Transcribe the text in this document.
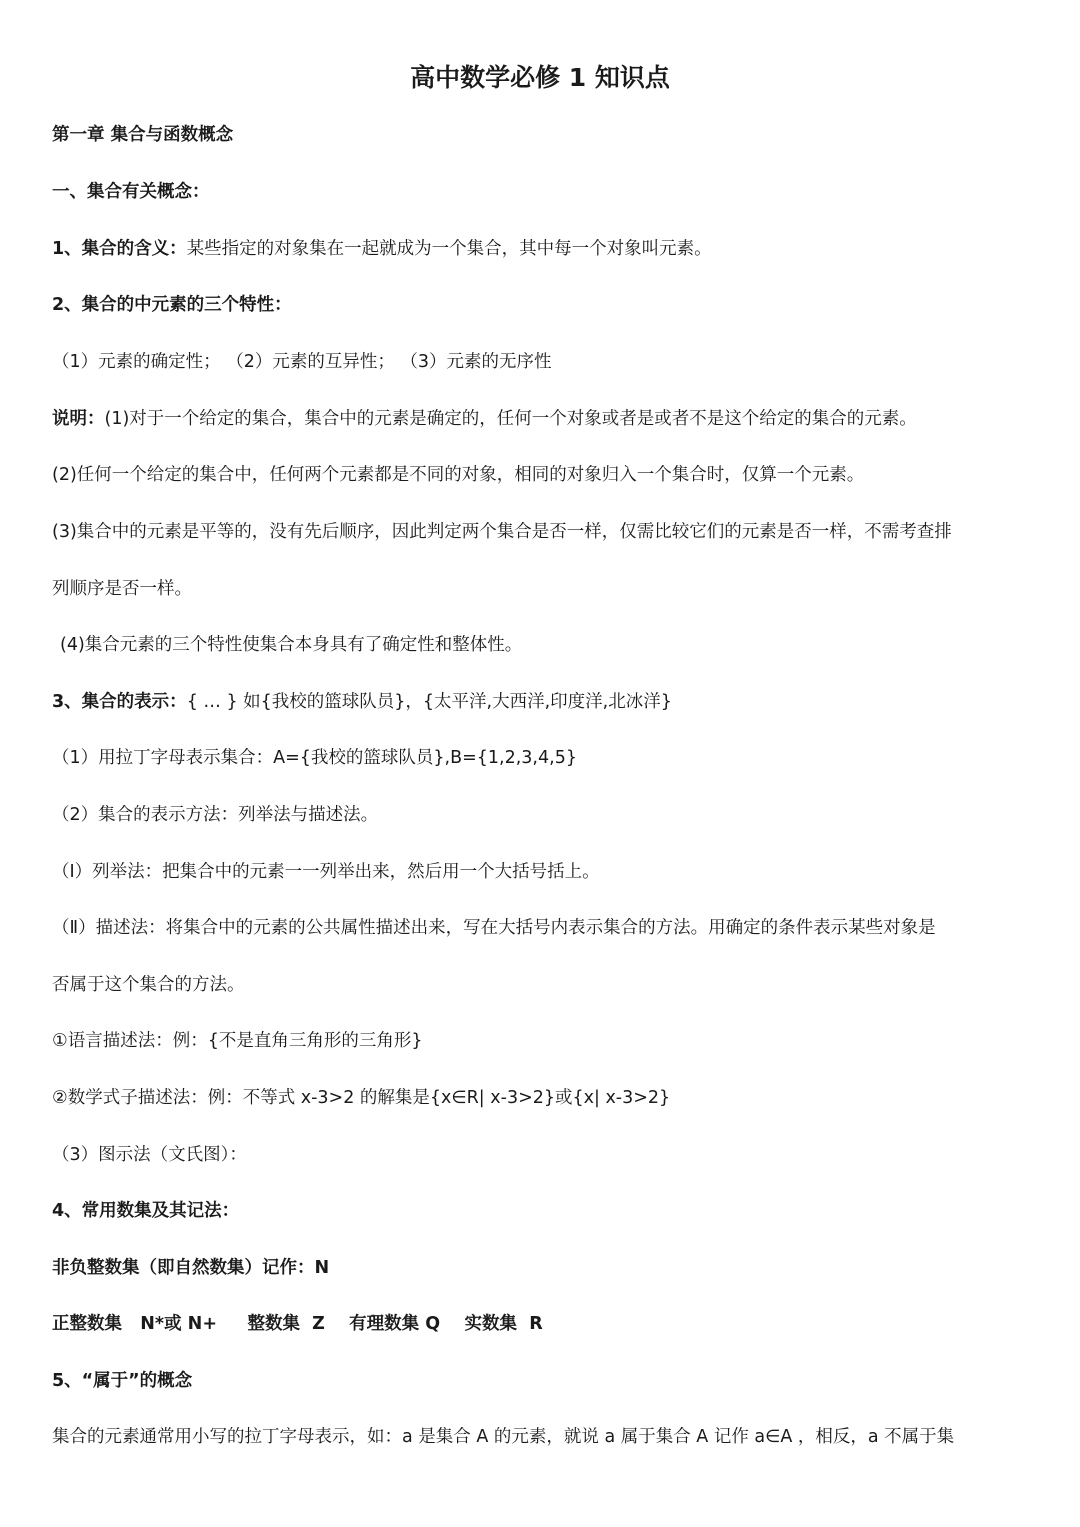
高中数学必修 1 知识点
第一章 集合与函数概念
一、集合有关概念：
1、集合的含义：某些指定的对象集在一起就成为一个集合，其中每一个对象叫元素。
2、集合的中元素的三个特性：
（1）元素的确定性； （2）元素的互异性； （3）元素的无序性
说明：(1)对于一个给定的集合，集合中的元素是确定的，任何一个对象或者是或者不是这个给定的集合的元素。
(2)任何一个给定的集合中，任何两个元素都是不同的对象，相同的对象归入一个集合时，仅算一个元素。
(3)集合中的元素是平等的，没有先后顺序，因此判定两个集合是否一样，仅需比较它们的元素是否一样，不需考查排
列顺序是否一样。
(4)集合元素的三个特性使集合本身具有了确定性和整体性。
3、集合的表示：{ … } 如{我校的篮球队员}，{太平洋,大西洋,印度洋,北冰洋}
（1）用拉丁字母表示集合：A={我校的篮球队员},B={1,2,3,4,5}
（2）集合的表示方法：列举法与描述法。
（Ⅰ）列举法：把集合中的元素一一列举出来，然后用一个大括号括上。
（Ⅱ）描述法：将集合中的元素的公共属性描述出来，写在大括号内表示集合的方法。用确定的条件表示某些对象是
否属于这个集合的方法。
①语言描述法：例：{不是直角三角形的三角形}
②数学式子描述法：例：不等式 x-3>2 的解集是{x∈R| x-3>2}或{x| x-3>2}
（3）图示法（文氏图）：
4、常用数集及其记法：
非负整数集（即自然数集）记作：N
正整数集   N*或 N+     整数集  Z    有理数集 Q    实数集  R
5、“属于”的概念
集合的元素通常用小写的拉丁字母表示，如：a 是集合 A 的元素，就说 a 属于集合 A 记作 a∈A ，相反，a 不属于集
